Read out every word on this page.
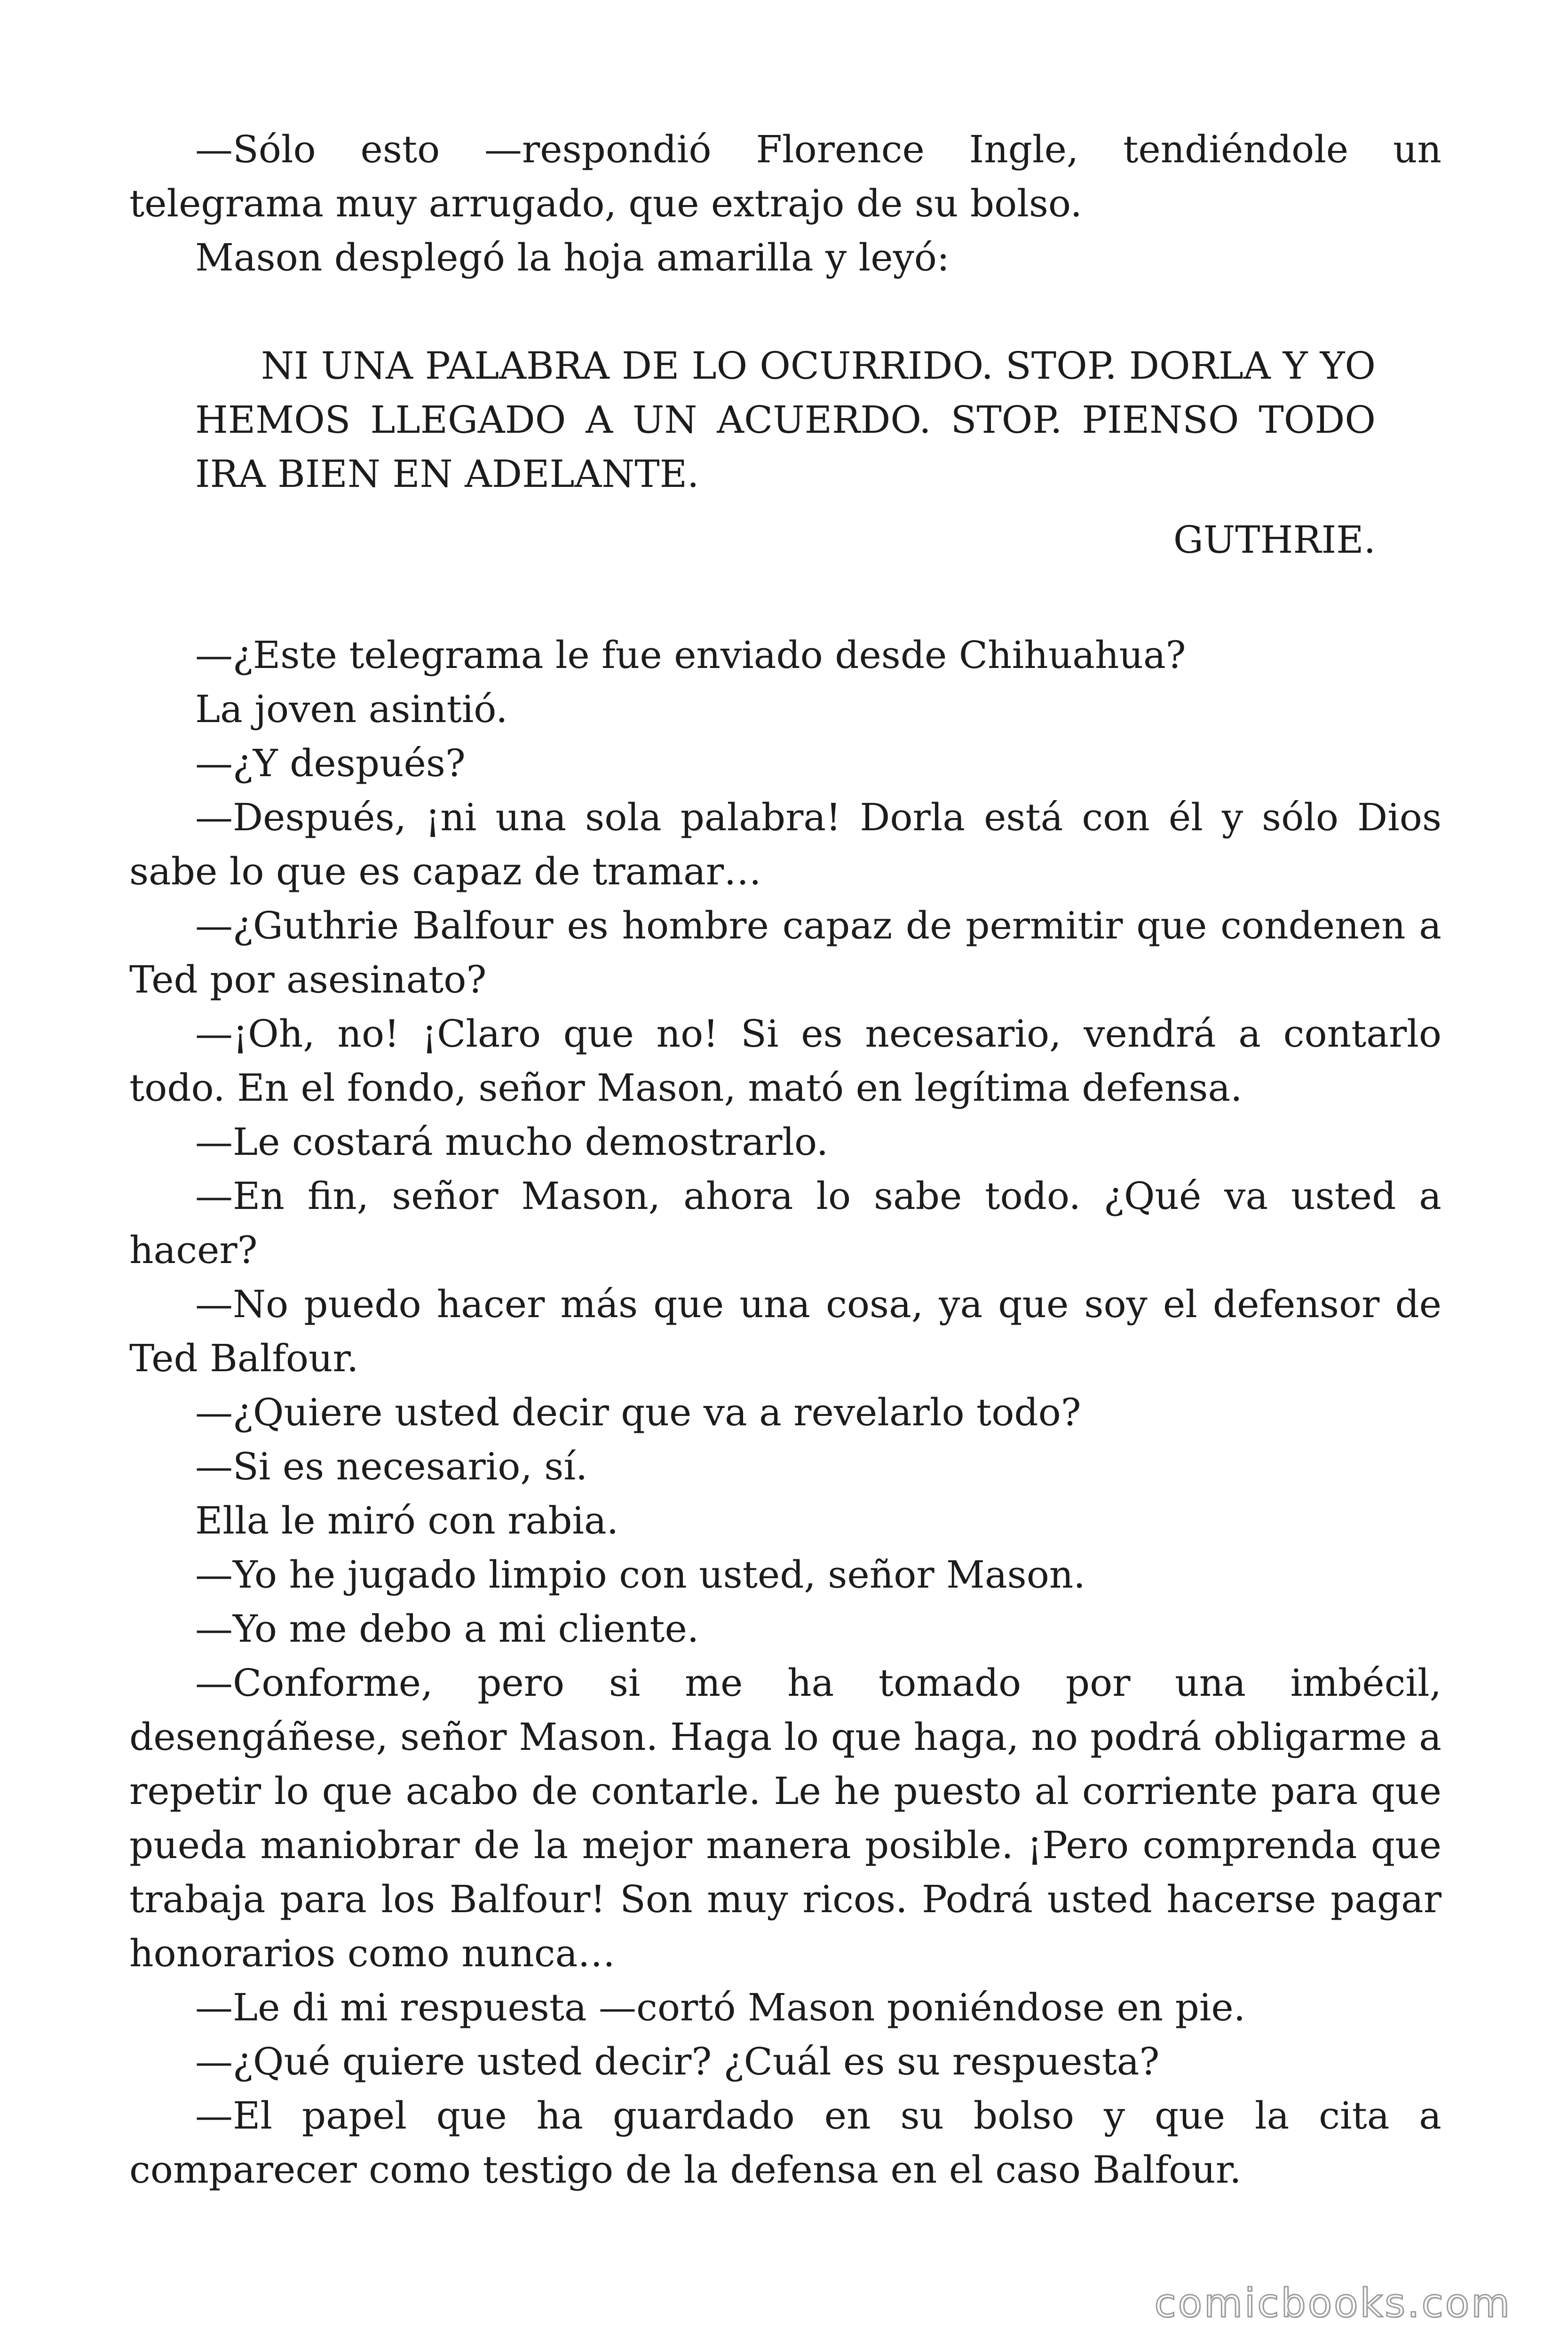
—Sólo esto —respondió Florence Ingle, tendiéndole un telegrama muy arrugado, que extrajo de su bolso.

Mason desplegó la hoja amarilla y leyó:

NI UNA PALABRA DE LO OCURRIDO. STOP. DORLA Y YO HEMOS LLEGADO A UN ACUERDO. STOP. PIENSO TODO IRA BIEN EN ADELANTE.

GUTHRIE.

—¿Este telegrama le fue enviado desde Chihuahua?

La joven asintió.

—¿Y después?

—Después, ¡ni una sola palabra! Dorla está con él y sólo Dios sabe lo que es capaz de tramar…

—¿Guthrie Balfour es hombre capaz de permitir que condenen a Ted por asesinato?

—¡Oh, no! ¡Claro que no! Si es necesario, vendrá a contarlo todo. En el fondo, señor Mason, mató en legítima defensa.

—Le costará mucho demostrarlo.

—En fin, señor Mason, ahora lo sabe todo. ¿Qué va usted a hacer?

—No puedo hacer más que una cosa, ya que soy el defensor de Ted Balfour.

—¿Quiere usted decir que va a revelarlo todo?

—Si es necesario, sí.

Ella le miró con rabia.

—Yo he jugado limpio con usted, señor Mason.

—Yo me debo a mi cliente.

—Conforme, pero si me ha tomado por una imbécil, desengáñese, señor Mason. Haga lo que haga, no podrá obligarme a repetir lo que acabo de contarle. Le he puesto al corriente para que pueda maniobrar de la mejor manera posible. ¡Pero comprenda que trabaja para los Balfour! Son muy ricos. Podrá usted hacerse pagar honorarios como nunca…

—Le di mi respuesta —cortó Mason poniéndose en pie.

—¿Qué quiere usted decir? ¿Cuál es su respuesta?

—El papel que ha guardado en su bolso y que la cita a comparecer como testigo de la defensa en el caso Balfour.

comicbooks.com
